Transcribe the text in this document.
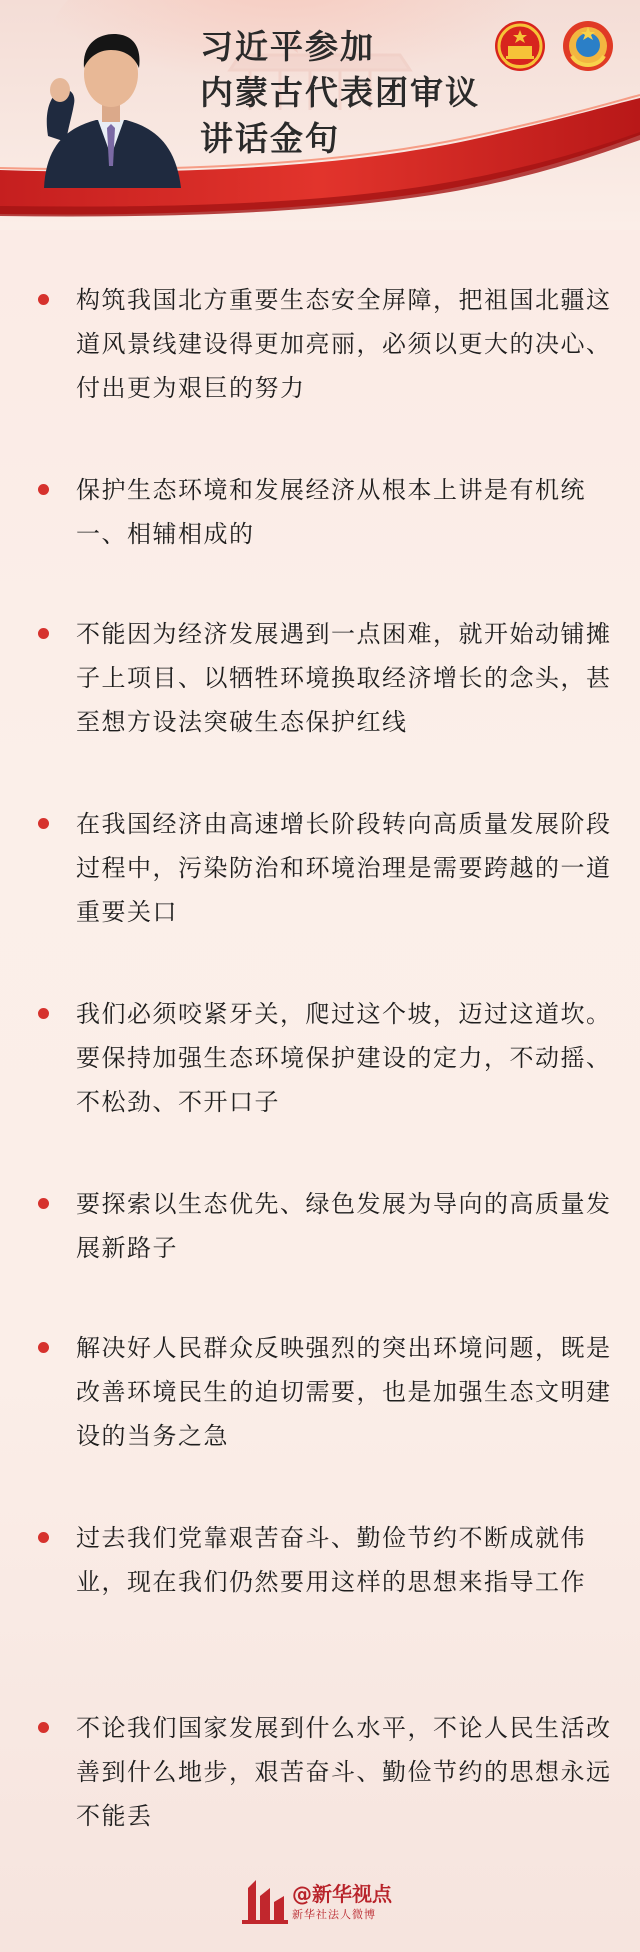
习近平参加
内蒙古代表团审议
讲话金句
构筑我国北方重要生态安全屏障，把祖国北疆这道风景线建设得更加亮丽，必须以更大的决心、付出更为艰巨的努力
保护生态环境和发展经济从根本上讲是有机统一、相辅相成的
不能因为经济发展遇到一点困难，就开始动铺摊子上项目、以牺牲环境换取经济增长的念头，甚至想方设法突破生态保护红线
在我国经济由高速增长阶段转向高质量发展阶段过程中，污染防治和环境治理是需要跨越的一道重要关口
我们必须咬紧牙关，爬过这个坡，迈过这道坎。要保持加强生态环境保护建设的定力，不动摇、不松劲、不开口子
要探索以生态优先、绿色发展为导向的高质量发展新路子
解决好人民群众反映强烈的突出环境问题，既是改善环境民生的迫切需要，也是加强生态文明建设的当务之急
过去我们党靠艰苦奋斗、勤俭节约不断成就伟业，现在我们仍然要用这样的思想来指导工作
不论我们国家发展到什么水平，不论人民生活改善到什么地步，艰苦奋斗、勤俭节约的思想永远不能丢
@新华视点
新华社法人微博
